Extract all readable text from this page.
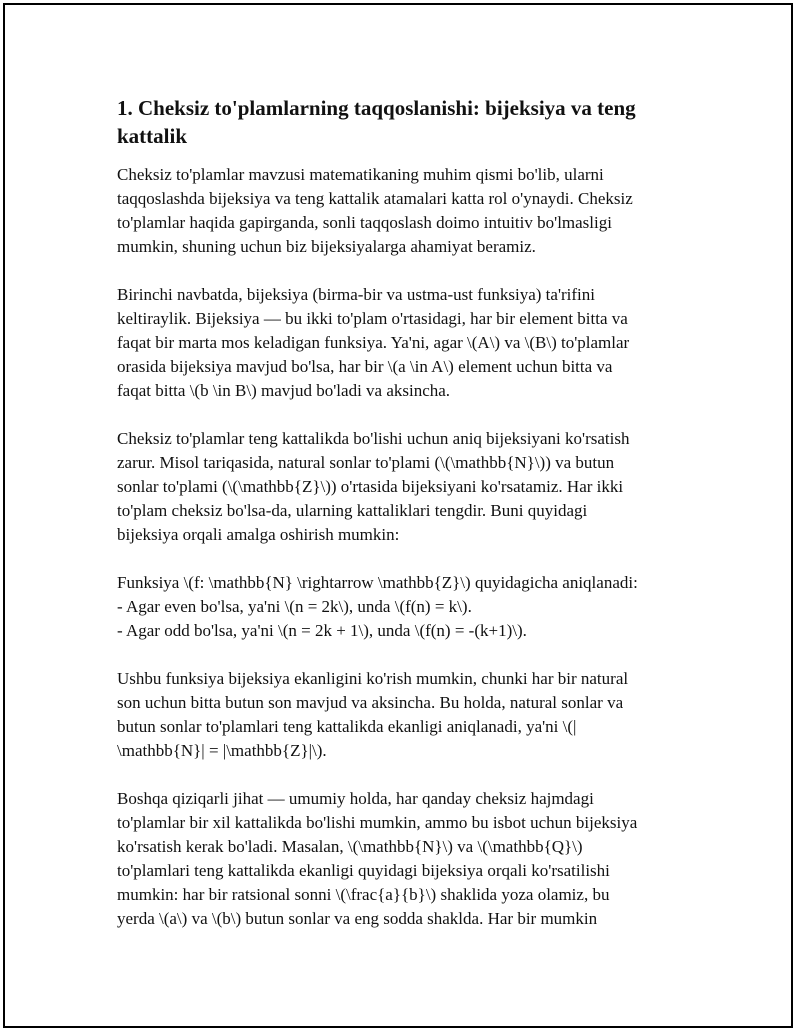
1. Cheksiz to'plamlarning taqqoslanishi: bijeksiya va teng
kattalik

Cheksiz to'plamlar mavzusi matematikaning muhim qismi bo'lib, ularni
taqqoslashda bijeksiya va teng kattalik atamalari katta rol o'ynaydi. Cheksiz
to'plamlar haqida gapirganda, sonli taqqoslash doimo intuitiv bo'lmasligi
mumkin, shuning uchun biz bijeksiyalarga ahamiyat beramiz.

Birinchi navbatda, bijeksiya (birma-bir va ustma-ust funksiya) ta'rifini
keltiraylik. Bijeksiya — bu ikki to'plam o'rtasidagi, har bir element bitta va
faqat bir marta mos keladigan funksiya. Ya'ni, agar \(A\) va \(B\) to'plamlar
orasida bijeksiya mavjud bo'lsa, har bir \(a \in A\) element uchun bitta va
faqat bitta \(b \in B\) mavjud bo'ladi va aksincha.

Cheksiz to'plamlar teng kattalikda bo'lishi uchun aniq bijeksiyani ko'rsatish
zarur. Misol tariqasida, natural sonlar to'plami (\(\mathbb{N}\)) va butun
sonlar to'plami (\(\mathbb{Z}\)) o'rtasida bijeksiyani ko'rsatamiz. Har ikki
to'plam cheksiz bo'lsa-da, ularning kattaliklari tengdir. Buni quyidagi
bijeksiya orqali amalga oshirish mumkin:

Funksiya \(f: \mathbb{N} \rightarrow \mathbb{Z}\) quyidagicha aniqlanadi:
- Agar even bo'lsa, ya'ni \(n = 2k\), unda \(f(n) = k\).
- Agar odd bo'lsa, ya'ni \(n = 2k + 1\), unda \(f(n) = -(k+1)\).

Ushbu funksiya bijeksiya ekanligini ko'rish mumkin, chunki har bir natural
son uchun bitta butun son mavjud va aksincha. Bu holda, natural sonlar va
butun sonlar to'plamlari teng kattalikda ekanligi aniqlanadi, ya'ni \(|
\mathbb{N}| = |\mathbb{Z}|\).

Boshqa qiziqarli jihat — umumiy holda, har qanday cheksiz hajmdagi
to'plamlar bir xil kattalikda bo'lishi mumkin, ammo bu isbot uchun bijeksiya
ko'rsatish kerak bo'ladi. Masalan, \(\mathbb{N}\) va \(\mathbb{Q}\)
to'plamlari teng kattalikda ekanligi quyidagi bijeksiya orqali ko'rsatilishi
mumkin: har bir ratsional sonni \(\frac{a}{b}\) shaklida yoza olamiz, bu
yerda \(a\) va \(b\) butun sonlar va eng sodda shaklda. Har bir mumkin
